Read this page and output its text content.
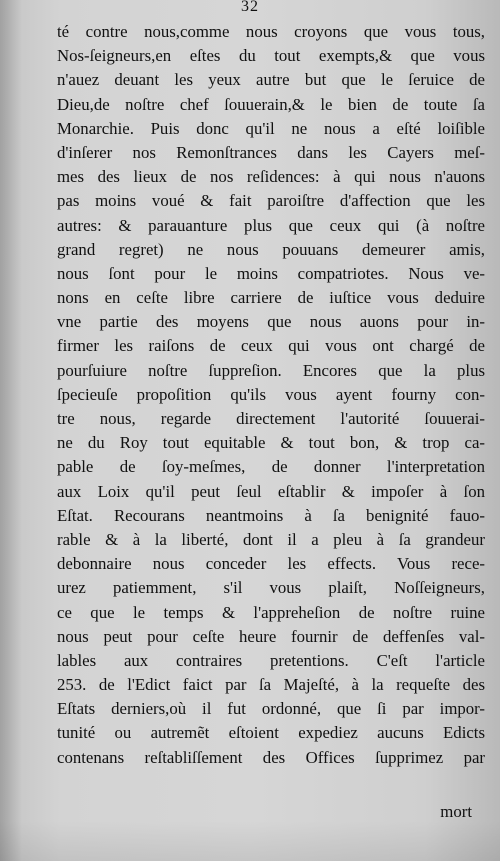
32
té contre nous,comme nous croyons que vous tous,
Nos-ſeigneurs,en eſtes du tout exempts,& que vous
n'auez deuant les yeux autre but que le ſeruice de
Dieu,de noſtre chef ſouuerain,& le bien de toute ſa
Monarchie. Puis donc qu'il ne nous a eſté loiſible
d'inſerer nos Remonſtrances dans les Cayers meſ-
mes des lieux de nos reſidences: à qui nous n'auons
pas moins voué & fait paroiſtre d'affection que les
autres: & parauanture plus que ceux qui (à noſtre
grand regret) ne nous pouuans demeurer amis,
nous ſont pour le moins compatriotes. Nous ve-
nons en ceſte libre carriere de iuſtice vous deduire
vne partie des moyens que nous auons pour in-
firmer les raiſons de ceux qui vous ont chargé de
pourſuiure noſtre ſuppreſion. Encores que la plus
ſpecieuſe propoſition qu'ils vous ayent fourny con-
tre nous, regarde directement l'autorité ſouuerai-
ne du Roy tout equitable & tout bon, & trop ca-
pable de ſoy-meſmes, de donner l'interpretation
aux Loix qu'il peut ſeul eſtablir & impoſer à ſon
Eſtat. Recourans neantmoins à ſa benignité fauo-
rable & à la liberté, dont il a pleu à ſa grandeur
debonnaire nous conceder les effects. Vous rece-
urez patiemment, s'il vous plaiſt, Noſſeigneurs,
ce que le temps & l'appreheſion de noſtre ruine
nous peut pour ceſte heure fournir de deffenſes val-
lables aux contraires pretentions. C'eſt l'article
253. de l'Edict faict par ſa Majeſté, à la requeſte des
Eſtats derniers,où il fut ordonné, que ſi par impor-
tunité ou autremẽt eſtoient expediez aucuns Edicts
contenans reſtabliſſement des Offices ſupprimez par
mort
